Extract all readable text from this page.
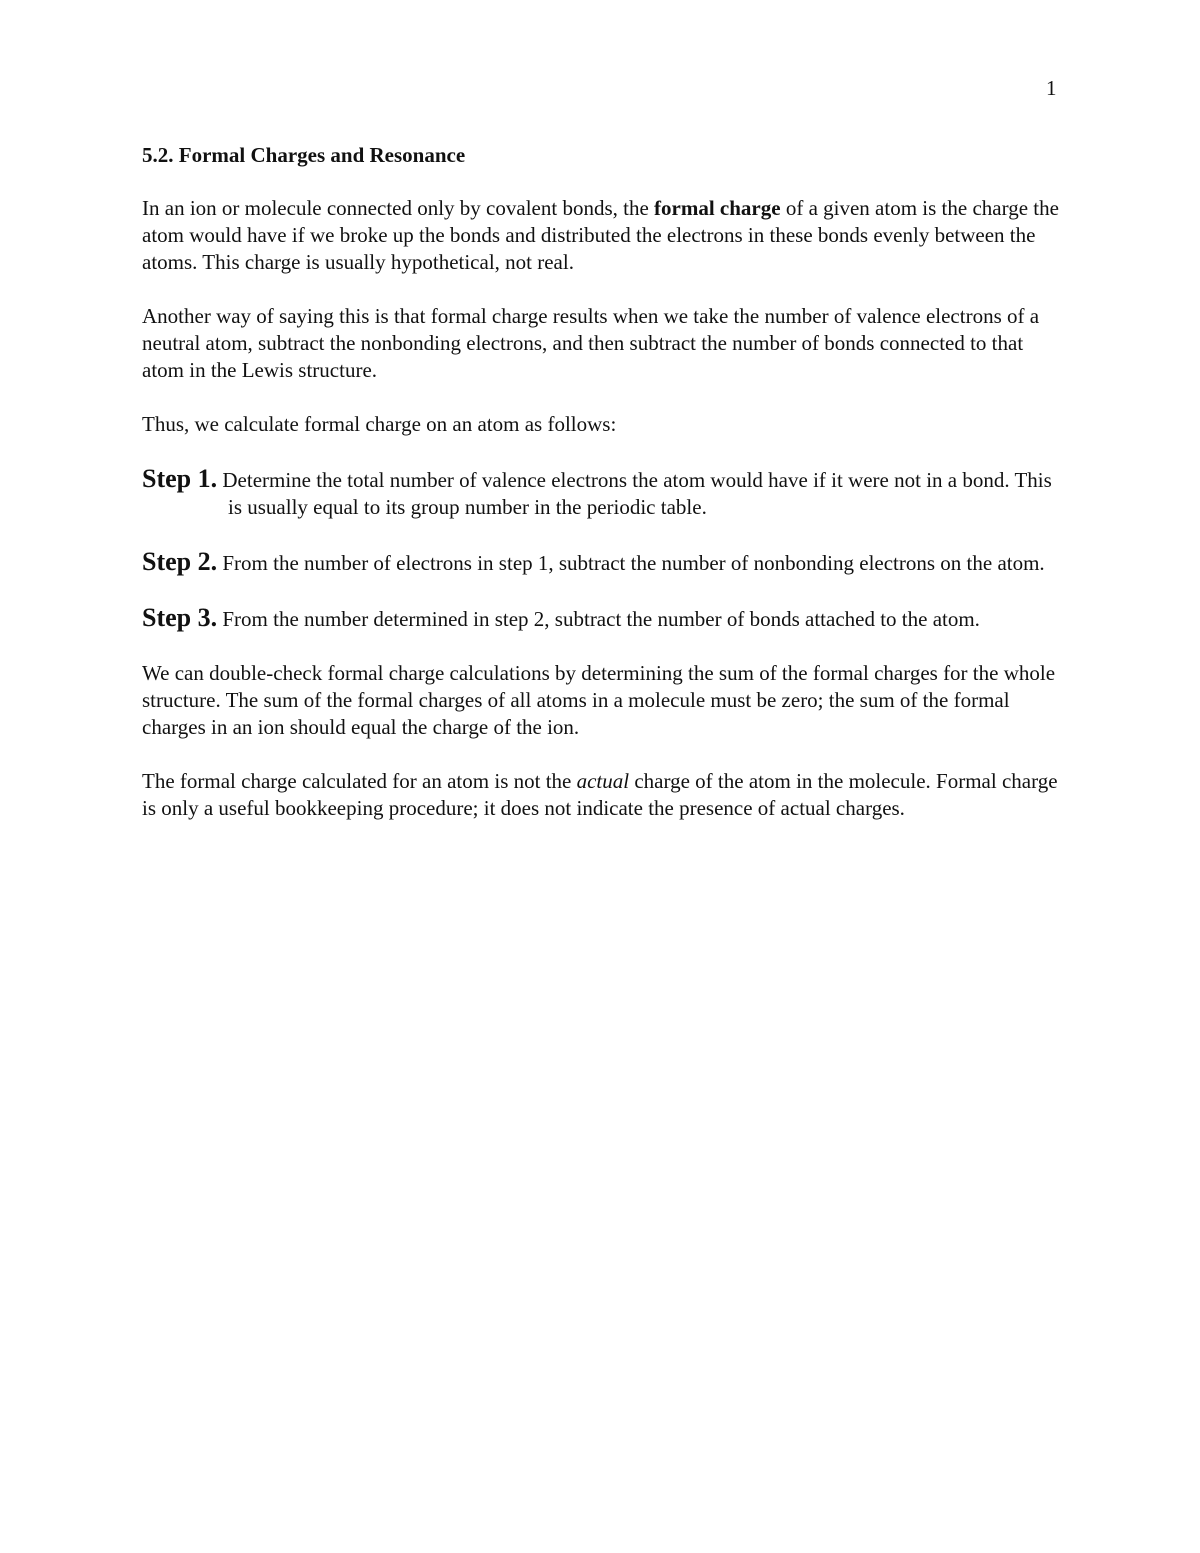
1
5.2. Formal Charges and Resonance

In an ion or molecule connected only by covalent bonds, the formal charge of a given atom is the charge the atom would have if we broke up the bonds and distributed the electrons in these bonds evenly between the atoms. This charge is usually hypothetical, not real.

Another way of saying this is that formal charge results when we take the number of valence electrons of a neutral atom, subtract the nonbonding electrons, and then subtract the number of bonds connected to that atom in the Lewis structure.

Thus, we calculate formal charge on an atom as follows:

Step 1. Determine the total number of valence electrons the atom would have if it were not in a bond. This is usually equal to its group number in the periodic table.
Step 2. From the number of electrons in step 1, subtract the number of nonbonding electrons on the atom.
Step 3. From the number determined in step 2, subtract the number of bonds attached to the atom.

We can double-check formal charge calculations by determining the sum of the formal charges for the whole structure. The sum of the formal charges of all atoms in a molecule must be zero; the sum of the formal charges in an ion should equal the charge of the ion.

The formal charge calculated for an atom is not the actual charge of the atom in the molecule. Formal charge is only a useful bookkeeping procedure; it does not indicate the presence of actual charges.
